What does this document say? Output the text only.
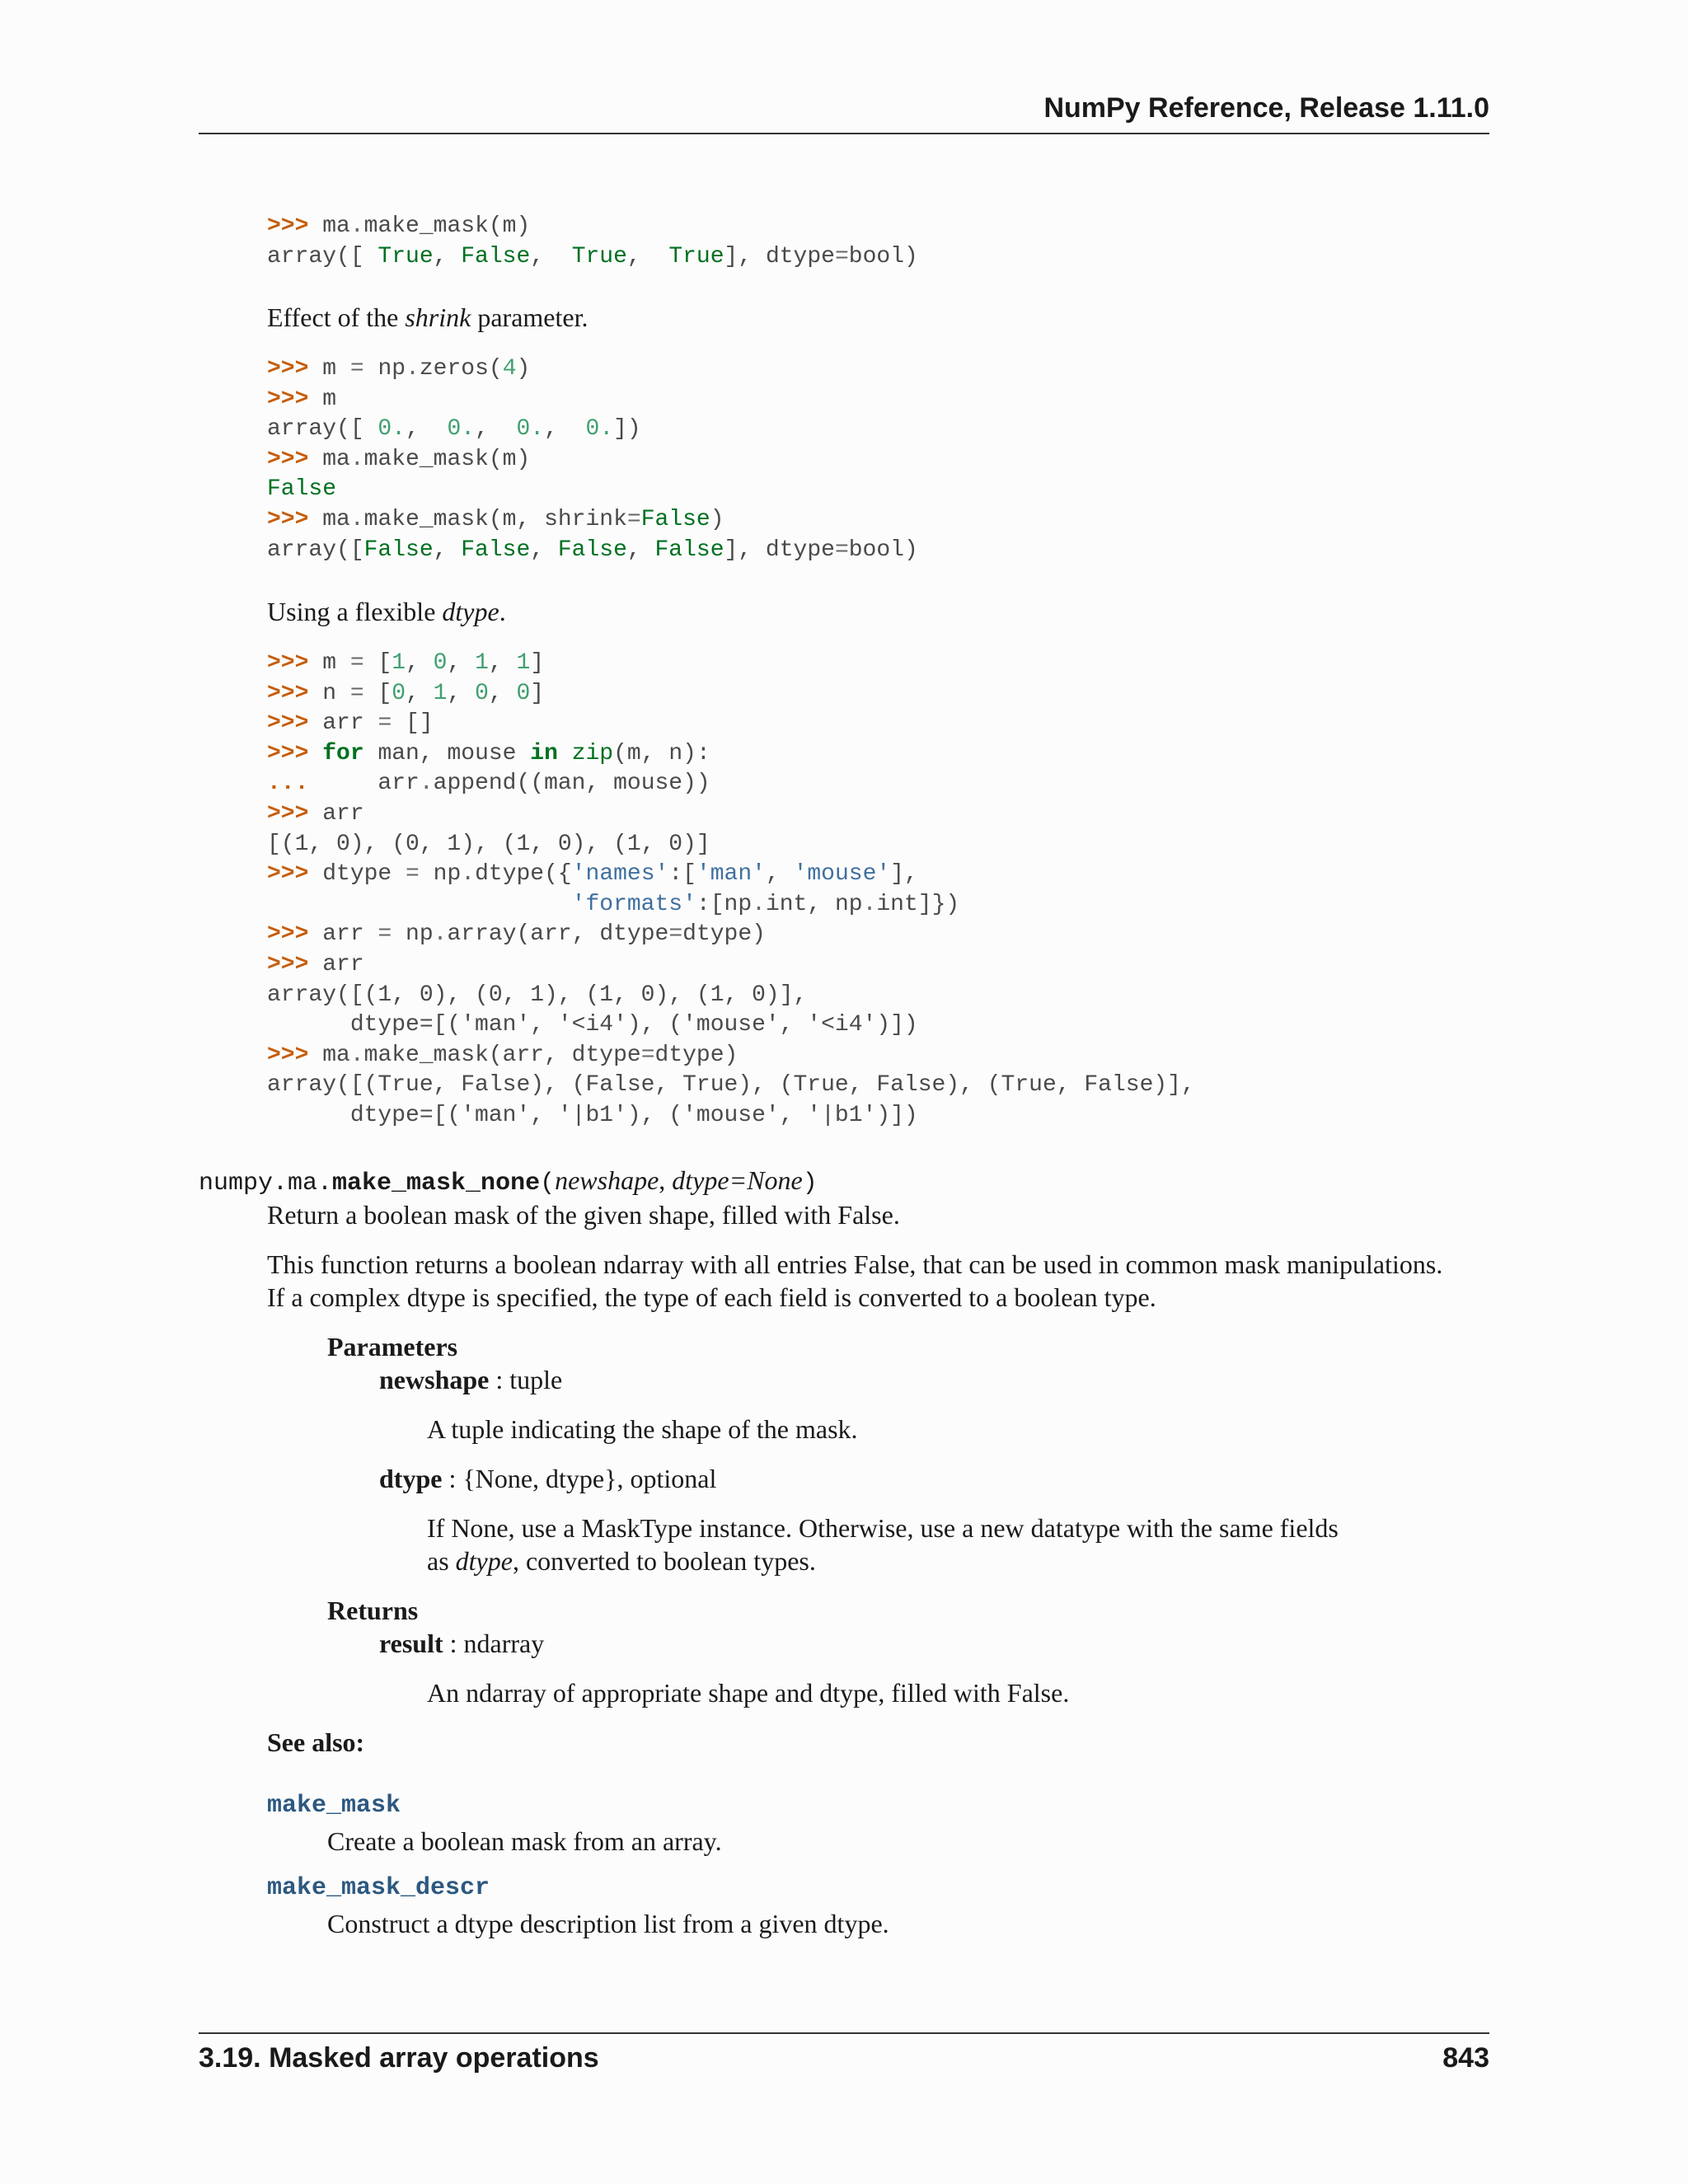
NumPy Reference, Release 1.11.0
>>> ma.make_mask(m)
array([ True, False,  True,  True], dtype=bool)
Effect of the shrink parameter.
>>> m = np.zeros(4)
>>> m
array([ 0.,  0.,  0.,  0.])
>>> ma.make_mask(m)
False
>>> ma.make_mask(m, shrink=False)
array([False, False, False, False], dtype=bool)
Using a flexible dtype.
>>> m = [1, 0, 1, 1]
>>> n = [0, 1, 0, 0]
>>> arr = []
>>> for man, mouse in zip(m, n):
...     arr.append((man, mouse))
>>> arr
[(1, 0), (0, 1), (1, 0), (1, 0)]
>>> dtype = np.dtype({'names':['man', 'mouse'],
'formats':[np.int, np.int]})
>>> arr = np.array(arr, dtype=dtype)
>>> arr
array([(1, 0), (0, 1), (1, 0), (1, 0)],
dtype=[('man', '<i4'), ('mouse', '<i4')])
>>> ma.make_mask(arr, dtype=dtype)
array([(True, False), (False, True), (True, False), (True, False)],
dtype=[('man', '|b1'), ('mouse', '|b1')])
numpy.ma.make_mask_none(newshape, dtype=None)
Return a boolean mask of the given shape, filled with False.
This function returns a boolean ndarray with all entries False, that can be used in common mask manipulations.
If a complex dtype is specified, the type of each field is converted to a boolean type.
Parameters
newshape : tuple
A tuple indicating the shape of the mask.
dtype : {None, dtype}, optional
If None, use a MaskType instance. Otherwise, use a new datatype with the same fields
as dtype, converted to boolean types.
Returns
result : ndarray
An ndarray of appropriate shape and dtype, filled with False.
See also:
make_mask
Create a boolean mask from an array.
make_mask_descr
Construct a dtype description list from a given dtype.
3.19. Masked array operations	843
